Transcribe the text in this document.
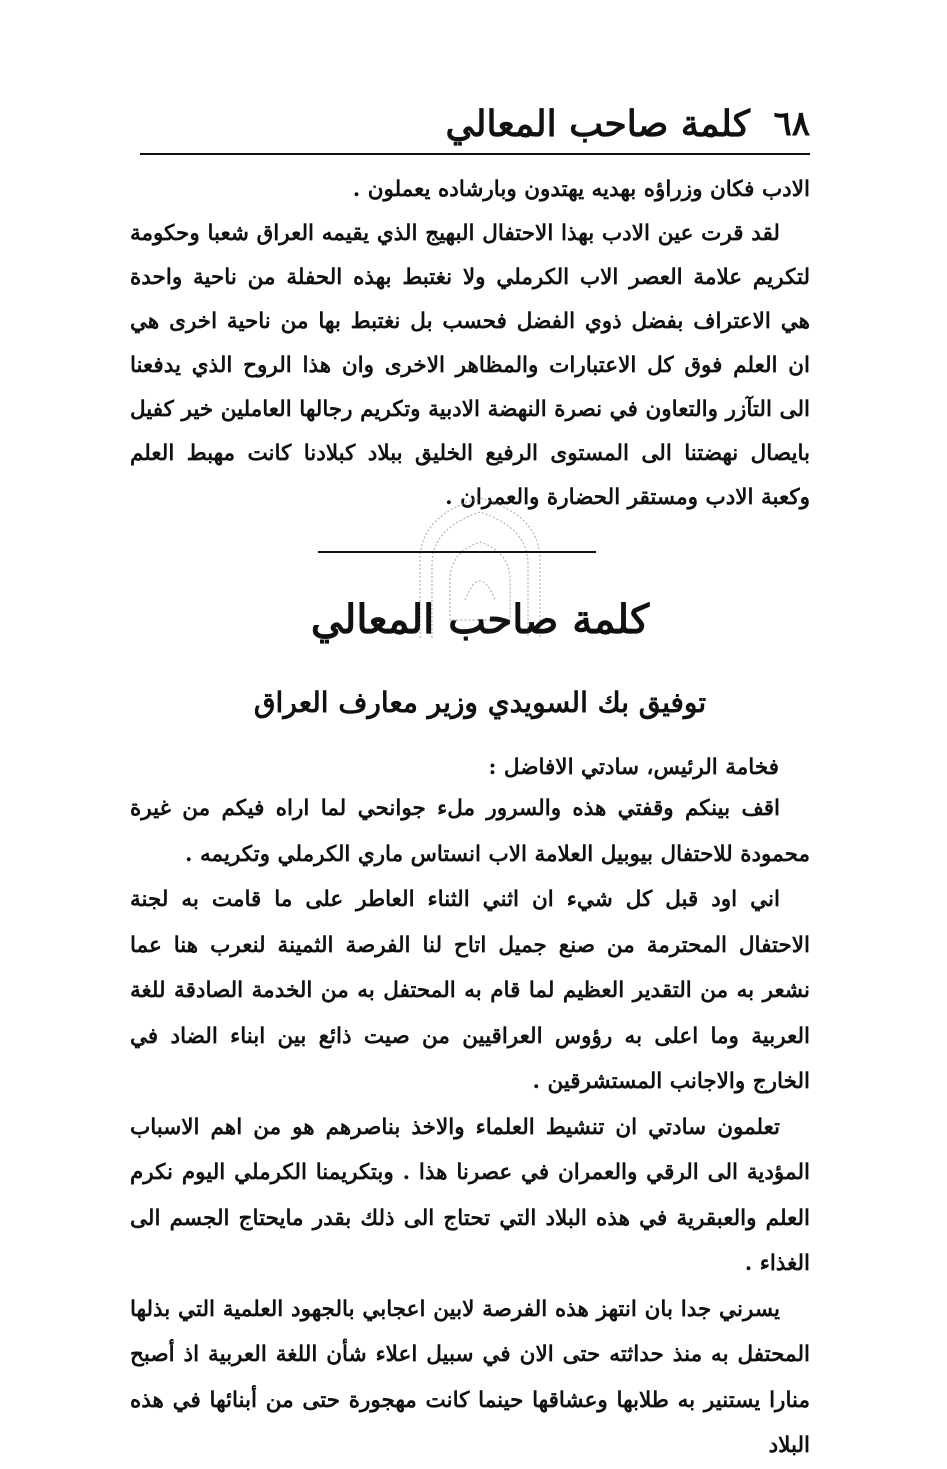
كلمة صاحب المعالي ٦٨

الادب فكان وزراؤه بهديه يهتدون وبارشاده يعملون .

لقد قرت عين الادب بهذا الاحتفال البهيج الذي يقيمه العراق شعبا وحكومة لتكريم علامة العصر الاب الكرملي ولا نغتبط بهذه الحفلة من ناحية واحدة هي الاعتراف بفضل ذوي الفضل فحسب بل نغتبط بها من ناحية اخرى هي ان العلم فوق كل الاعتبارات والمظاهر الاخرى وان هذا الروح الذي يدفعنا الى التآزر والتعاون في نصرة النهضة الادبية وتكريم رجالها العاملين خير كفيل بايصال نهضتنا الى المستوى الرفيع الخليق ببلاد كبلادنا كانت مهبط العلم وكعبة الادب ومستقر الحضارة والعمران .

كلمة صاحب المعالي
توفيق بك السويدي وزير معارف العراق
فخامة الرئيس، سادتي الافاضل :

اقف بينكم وقفتي هذه والسرور ملء جوانحي لما اراه فيكم من غيرة محمودة للاحتفال بيوبيل العلامة الاب انستاس ماري الكرملي وتكريمه .

اني اود قبل كل شيء ان اثني الثناء العاطر على ما قامت به لجنة الاحتفال المحترمة من صنع جميل اتاح لنا الفرصة الثمينة لنعرب هنا عما نشعر به من التقدير العظيم لما قام به المحتفل به من الخدمة الصادقة للغة العربية وما اعلى به رؤوس العراقيين من صيت ذائع بين ابناء الضاد في الخارج والاجانب المستشرقين .

تعلمون سادتي ان تنشيط العلماء والاخذ بناصرهم هو من اهم الاسباب المؤدية الى الرقي والعمران في عصرنا هذا . وبتكريمنا الكرملي اليوم نكرم العلم والعبقرية في هذه البلاد التي تحتاج الى ذلك بقدر مايحتاج الجسم الى الغذاء .

يسرني جدا بان انتهز هذه الفرصة لابين اعجابي بالجهود العلمية التي بذلها المحتفل به منذ حداثته حتى الان في سبيل اعلاء شأن اللغة العربية اذ أصبح منارا يستنير به طلابها وعشاقها حينما كانت مهجورة حتى من أبنائها في هذه البلاد
